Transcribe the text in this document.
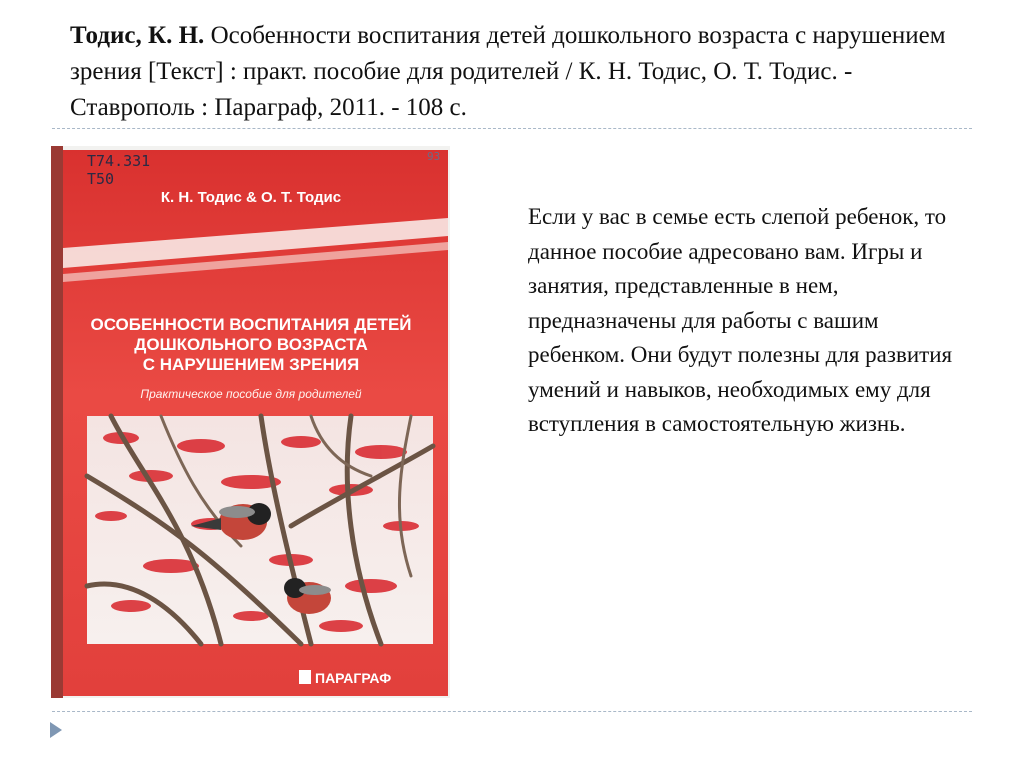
Тодис, К. Н. Особенности воспитания детей дошкольного возраста с нарушением зрения [Текст] : практ. пособие для родителей / К. Н. Тодис, О. Т. Тодис. - Ставрополь : Параграф, 2011. - 108 с.
Т74.331
Т50
93
К. Н. Тодис & О. Т. Тодис
ОСОБЕННОСТИ ВОСПИТАНИЯ ДЕТЕЙ
ДОШКОЛЬНОГО ВОЗРАСТА
С НАРУШЕНИЕМ ЗРЕНИЯ
Практическое пособие для родителей
ПАРАГРАФ
Если у вас в семье есть слепой ребенок, то данное пособие адресовано вам. Игры и занятия, представленные в нем, предназначены для работы с вашим ребенком. Они будут полезны для развития умений и навыков, необходимых ему для вступления в самостоятельную жизнь.
